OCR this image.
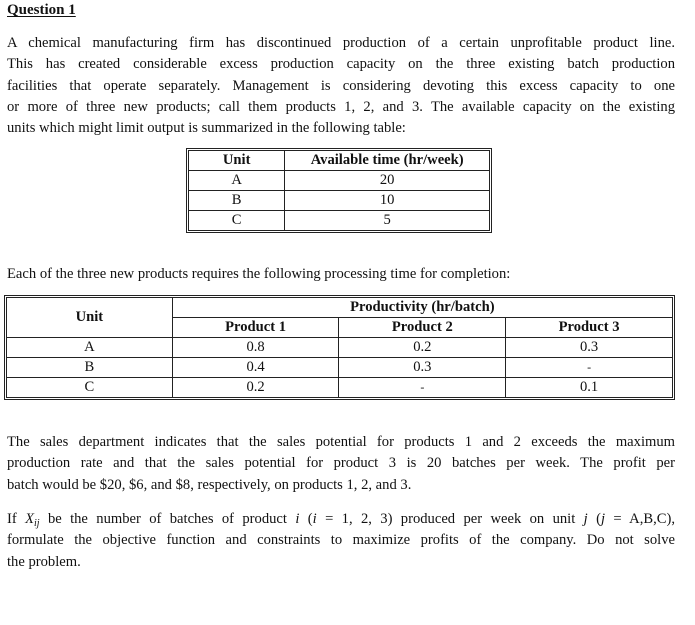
Question 1
A chemical manufacturing firm has discontinued production of a certain unprofitable product line.
This has created considerable excess production capacity on the three existing batch production
facilities that operate separately. Management is considering devoting this excess capacity to one
or more of three new products; call them products 1, 2, and 3. The available capacity on the existing
units which might limit output is summarized in the following table:
Unit	Available time (hr/week)
A	20
B	10
C	5
Each of the three new products requires the following processing time for completion:
Unit	Productivity (hr/batch)		
	Product 1	Product 2	Product 3
A	0.8	0.2	0.3
B	0.4	0.3	-
C	0.2	-	0.1
The sales department indicates that the sales potential for products 1 and 2 exceeds the maximum
production rate and that the sales potential for product 3 is 20 batches per week. The profit per
batch would be $20, $6, and $8, respectively, on products 1, 2, and 3.
If $X_{ij}$ be the number of batches of product i (i = 1, 2, 3) produced per week on unit j (j = A,B,C),
formulate the objective function and constraints to maximize profits of the company. Do not solve
the problem.
